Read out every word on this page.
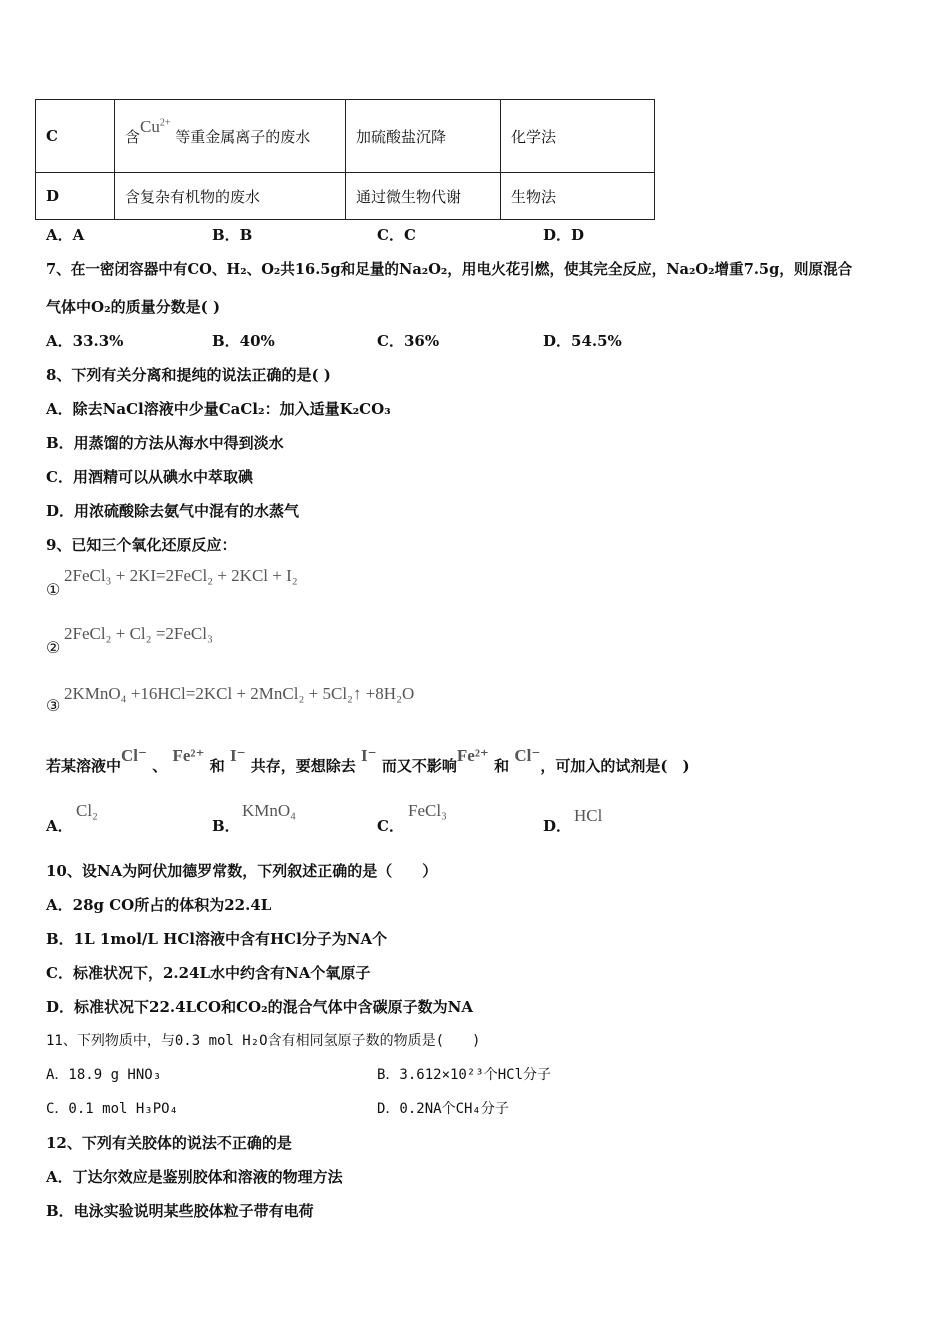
C	含$Cu^{2+}$ 等重金属离子的废水	加硫酸盐沉降	化学法
D	含复杂有机物的废水	通过微生物代谢	生物法
A．A	B．B	C．C	D．D
7、在一密闭容器中有CO、H₂、O₂共16.5g和足量的Na₂O₂，用电火花引燃，使其完全反应，Na₂O₂增重7.5g，则原混合
气体中O₂的质量分数是( )
A．33.3%	B．40%	C．36%	D．54.5%
8、下列有关分离和提纯的说法正确的是( )
A．除去NaCl溶液中少量CaCl₂：加入适量K₂CO₃
B．用蒸馏的方法从海水中得到淡水
C．用酒精可以从碘水中萃取碘
D．用浓硫酸除去氨气中混有的水蒸气
9、已知三个氧化还原反应：
①
2FeCl₃ + 2KI=2FeCl₂ + 2KCl + I₂
②
2FeCl₂ + Cl₂ =2FeCl₃
③
2KMnO₄ +16HCl=2KCl + 2MnCl₂ + 5Cl₂↑ +8H₂O
若某溶液中Cl⁻ 、 Fe²⁺ 和 I⁻ 共存，要想除去 I⁻ 而又不影响Fe²⁺ 和 Cl⁻，可加入的试剂是(　)
A．
Cl₂
B．
KMnO₄
C．
FeCl₃
D．
HCl
10、设NA为阿伏加德罗常数，下列叙述正确的是（　　）
A．28g CO所占的体积为22.4L
B．1L 1mol/L HCl溶液中含有HCl分子为NA个
C．标准状况下，2.24L水中约含有NA个氧原子
D．标准状况下22.4LCO和CO₂的混合气体中含碳原子数为NA
11、下列物质中，与0.3 mol H₂O含有相同氢原子数的物质是(　　)
A．18.9 g HNO₃	B．3.612×10²³个HCl分子
C．0.1 mol H₃PO₄	D．0.2NA个CH₄分子
12、下列有关胶体的说法不正确的是
A．丁达尔效应是鉴别胶体和溶液的物理方法
B．电泳实验说明某些胶体粒子带有电荷
